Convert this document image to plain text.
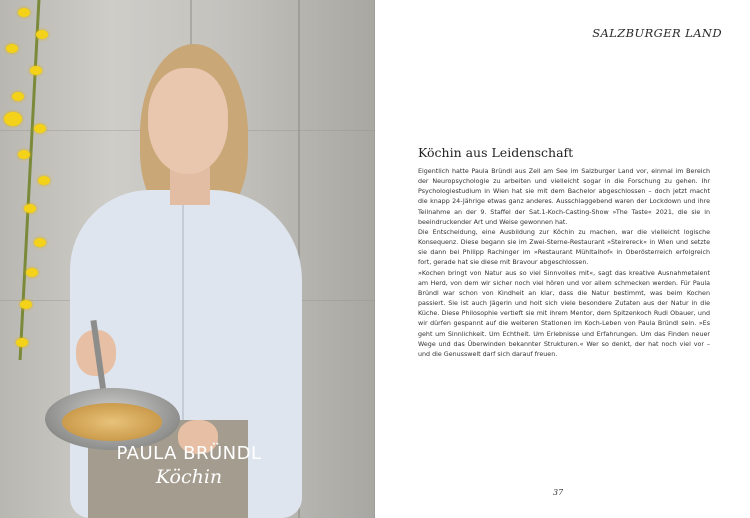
PAULA BRÜNDL
Köchin
SALZBURGER LAND
Köchin aus Leidenschaft

Eigentlich hatte Paula Bründl aus Zell am See im Salzburger Land vor, einmal im Bereich der Neuropsychologie zu arbeiten und vielleicht sogar in die Forschung zu gehen. Ihr Psychologiestudium in Wien hat sie mit dem Bachelor abgeschlossen – doch jetzt macht die knapp 24-Jährige etwas ganz anderes. Ausschlaggebend waren der Lockdown und ihre Teilnahme an der 9. Staffel der Sat.1-Koch-Casting-Show »The Taste« 2021, die sie in beeindruckender Art und Weise gewonnen hat.

Die Entscheidung, eine Ausbildung zur Köchin zu machen, war die vielleicht logische Konsequenz. Diese begann sie im Zwei-Sterne-Restaurant »Steirereck« in Wien und setzte sie dann bei Philipp Rachinger im »Restaurant Mühltalhof« in Oberösterreich erfolgreich fort, gerade hat sie diese mit Bravour abgeschlossen.

»Kochen bringt von Natur aus so viel Sinnvolles mit«, sagt das kreative Ausnahmetalent am Herd, von dem wir sicher noch viel hören und vor allem schmecken werden. Für Paula Bründl war schon von Kindheit an klar, dass die Natur bestimmt, was beim Kochen passiert. Sie ist auch Jägerin und holt sich viele besondere Zutaten aus der Natur in die Küche. Diese Philosophie vertieft sie mit ihrem Mentor, dem Spitzenkoch Rudi Obauer, und wir dürfen gespannt auf die weiteren Stationen im Koch-Leben von Paula Bründl sein. »Es geht um Sinnlichkeit. Um Echtheit. Um Erlebnisse und Erfahrungen. Um das Finden neuer Wege und das Überwinden bekannter Strukturen.« Wer so denkt, der hat noch viel vor – und die Genusswelt darf sich darauf freuen.

37
